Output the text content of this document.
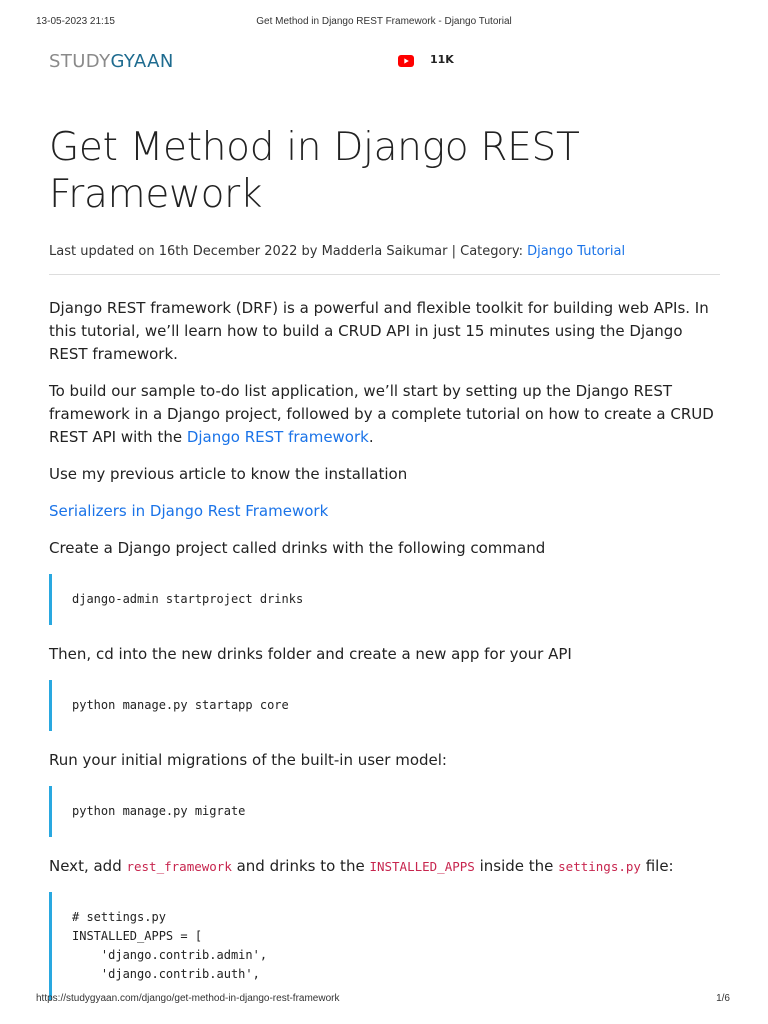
13-05-2023 21:15	Get Method in Django REST Framework - Django Tutorial
STUDYGYAAN	11K
Get Method in Django REST
Framework
Last updated on 16th December 2022 by Madderla Saikumar | Category: Django Tutorial

Django REST framework (DRF) is a powerful and flexible toolkit for building web APIs. In this tutorial, we’ll learn how to build a CRUD API in just 15 minutes using the Django REST framework.

To build our sample to-do list application, we’ll start by setting up the Django REST framework in a Django project, followed by a complete tutorial on how to create a CRUD REST API with the Django REST framework.

Use my previous article to know the installation

Serializers in Django Rest Framework

Create a Django project called drinks with the following command

django-admin startproject drinks

Then, cd into the new drinks folder and create a new app for your API

python manage.py startapp core

Run your initial migrations of the built-in user model:

python manage.py migrate

Next, add rest_framework and drinks to the INSTALLED_APPS inside the settings.py file:

# settings.py
INSTALLED_APPS = [
'django.contrib.admin',
'django.contrib.auth',
https://studygyaan.com/django/get-method-in-django-rest-framework	1/6
